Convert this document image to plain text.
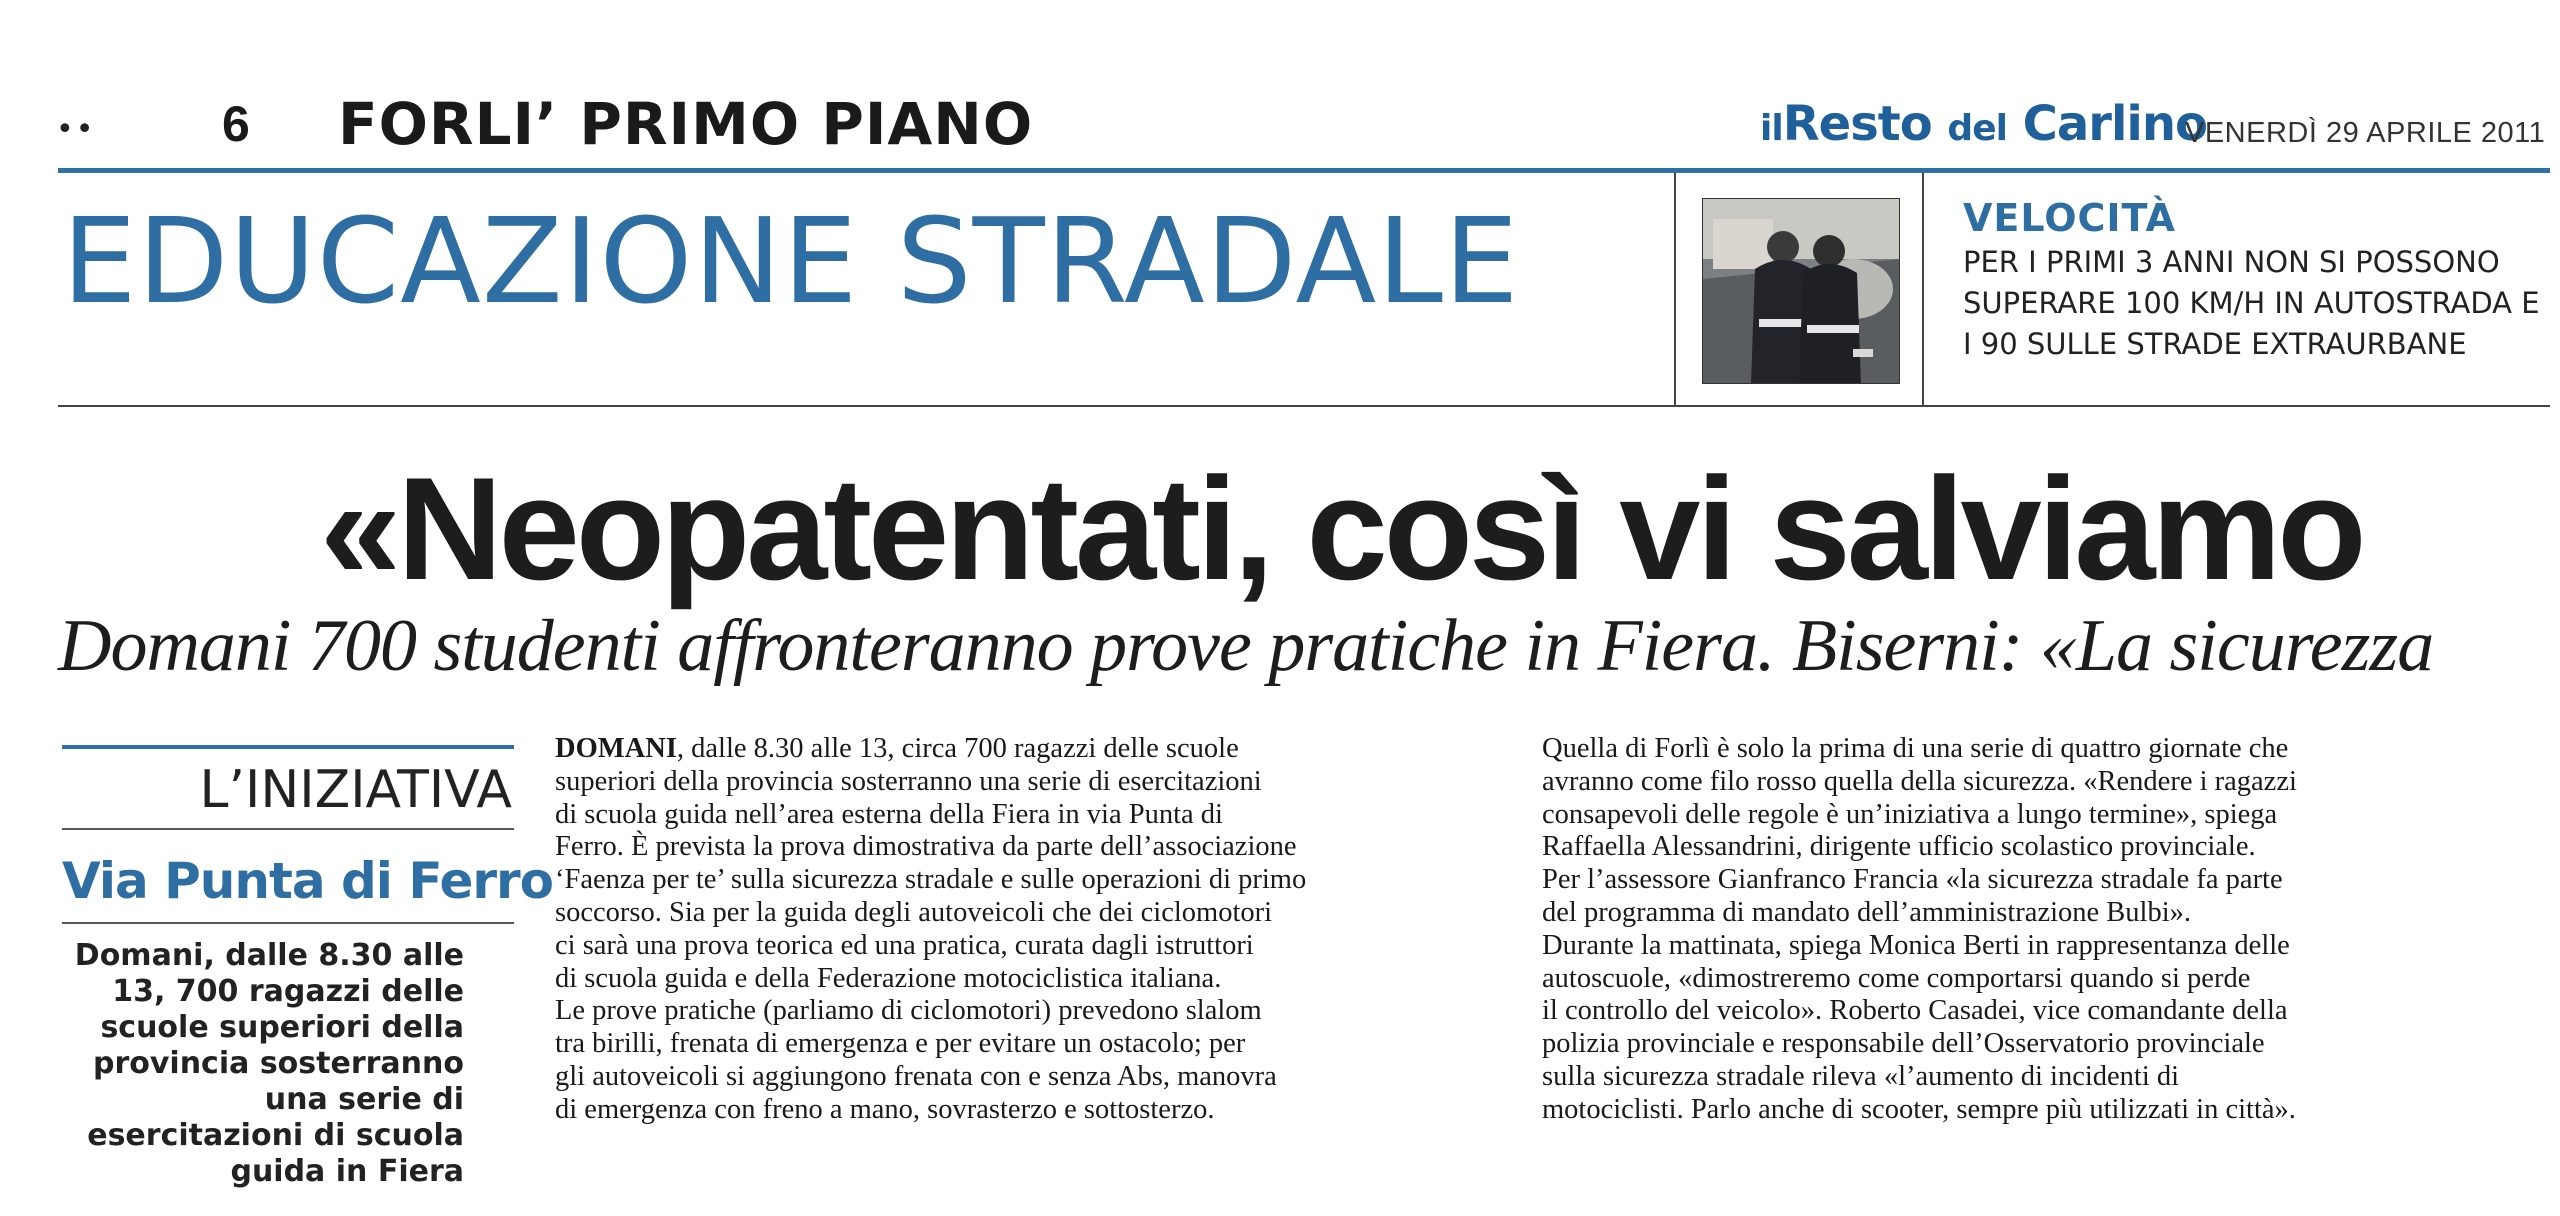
••	6 FORLI’ PRIMO PIANO	ilResto del Carlino
VENERDÌ 29 APRILE 2011
EDUCAZIONE STRADALE	VELOCITÀ
PER I PRIMI 3 ANNI NON SI POSSONO SUPERARE 100 KM/H IN AUTOSTRADA E I 90 SULLE STRADE EXTRAURBANE
«Neopatentati, così vi salviamo
Domani 700 studenti affronteranno prove pratiche in Fiera. Biserni: «La sicurezza
L’INIZIATIVA
Via Punta di Ferro
Domani, dalle 8.30 alle 13, 700 ragazzi delle scuole superiori della provincia sosterranno una serie di esercitazioni di scuola guida in Fiera
DOMANI, dalle 8.30 alle 13, circa 700 ragazzi delle scuole
superiori della provincia sosterranno una serie di esercitazioni
di scuola guida nell’area esterna della Fiera in via Punta di
Ferro. È prevista la prova dimostrativa da parte dell’associazione
‘Faenza per te’ sulla sicurezza stradale e sulle operazioni di primo
soccorso. Sia per la guida degli autoveicoli che dei ciclomotori
ci sarà una prova teorica ed una pratica, curata dagli istruttori
di scuola guida e della Federazione motociclistica italiana.
Le prove pratiche (parliamo di ciclomotori) prevedono slalom
tra birilli, frenata di emergenza e per evitare un ostacolo; per
gli autoveicoli si aggiungono frenata con e senza Abs, manovra
di emergenza con freno a mano, sovrasterzo e sottosterzo.
Quella di Forlì è solo la prima di una serie di quattro giornate che
avranno come filo rosso quella della sicurezza. «Rendere i ragazzi
consapevoli delle regole è un’iniziativa a lungo termine», spiega
Raffaella Alessandrini, dirigente ufficio scolastico provinciale.
Per l’assessore Gianfranco Francia «la sicurezza stradale fa parte
del programma di mandato dell’amministrazione Bulbi».
Durante la mattinata, spiega Monica Berti in rappresentanza delle
autoscuole, «dimostreremo come comportarsi quando si perde
il controllo del veicolo». Roberto Casadei, vice comandante della
polizia provinciale e responsabile dell’Osservatorio provinciale
sulla sicurezza stradale rileva «l’aumento di incidenti di
motociclisti. Parlo anche di scooter, sempre più utilizzati in città».
